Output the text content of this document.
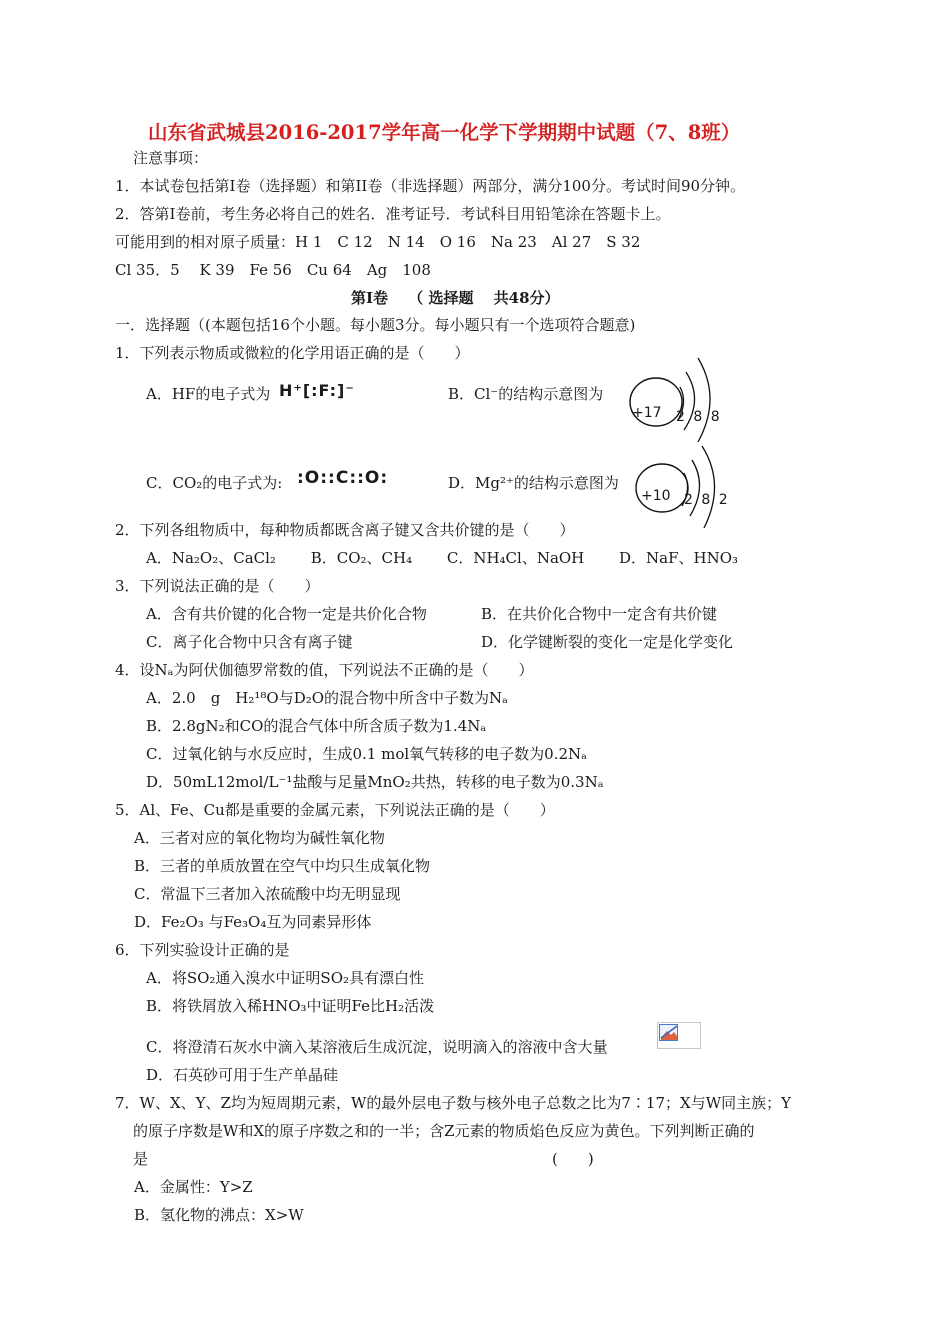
山东省武城县2016-2017学年高一化学下学期期中试题（7、8班）
注意事项：
1．本试卷包括第Ⅰ卷（选择题）和第II卷（非选择题）两部分，满分100分。考试时间90分钟。
2．答第Ⅰ卷前，考生务必将自己的姓名．准考证号．考试科目用铅笔涂在答题卡上。
可能用到的相对原子质量：H 1　C 12　N 14　O 16　Na 23　Al 27　S 32
Cl 35．5　 K 39　Fe 56　Cu 64　Ag　108
第Ⅰ卷　 （ 选择题　 共48分）
一．选择题（(本题包括16个小题。每小题3分。每小题只有一个选项符合题意)
1．下列表示物质或微粒的化学用语正确的是（　　）
A．HF的电子式为 H⁺[:F:]⁻	B．Cl⁻的结构示意图为
+17 2 8 8
C．CO₂的电子式为: :O::C::O:	D．Mg²⁺的结构示意图为
+10 2 8 2
2．下列各组物质中，每种物质都既含离子键又含共价键的是（　　）
A．Na₂O₂、CaCl₂　　 B．CO₂、CH₄　　 C．NH₄Cl、NaOH　　 D．NaF、HNO₃
3．下列说法正确的是（　　）
A．含有共价键的化合物一定是共价化合物	B．在共价化合物中一定含有共价键
C．离子化合物中只含有离子键	D．化学键断裂的变化一定是化学变化
4．设Nₐ为阿伏伽德罗常数的值，下列说法不正确的是（　　）
A．2.0　g　H₂¹⁸O与D₂O的混合物中所含中子数为Nₐ
B．2.8gN₂和CO的混合气体中所含质子数为1.4Nₐ
C．过氧化钠与水反应时，生成0.1 mol氧气转移的电子数为0.2Nₐ
D．50mL12mol/L⁻¹盐酸与足量MnO₂共热，转移的电子数为0.3Nₐ
5．Al、Fe、Cu都是重要的金属元素，下列说法正确的是（　　）
A．三者对应的氧化物均为碱性氧化物
B．三者的单质放置在空气中均只生成氧化物
C．常温下三者加入浓硫酸中均无明显现
D．Fe₂O₃ 与Fe₃O₄互为同素异形体
6．下列实验设计正确的是
A．将SO₂通入溴水中证明SO₂具有漂白性
B．将铁屑放入稀HNO₃中证明Fe比H₂活泼
C．将澄清石灰水中滴入某溶液后生成沉淀，说明滴入的溶液中含大量
D．石英砂可用于生产单晶硅
7．W、X、Y、Z均为短周期元素，W的最外层电子数与核外电子总数之比为7∶17；X与W同主族；Y
的原子序数是W和X的原子序数之和的一半；含Z元素的物质焰色反应为黄色。下列判断正确的
是	(　　)
A．金属性：Y>Z
B．氢化物的沸点：X>W
